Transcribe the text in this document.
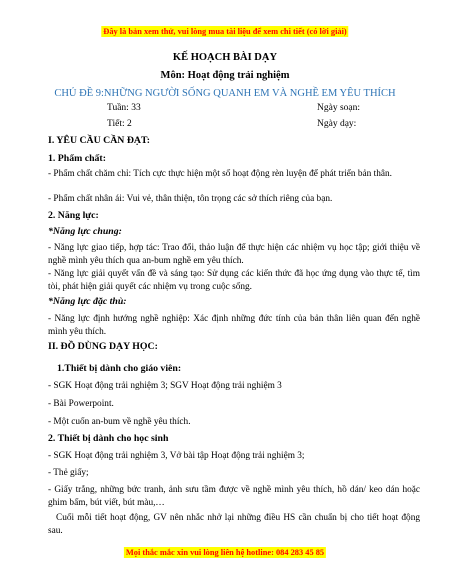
Đây là bản xem thử, vui lòng mua tài liệu để xem chi tiết (có lời giải)
KẾ HOẠCH BÀI DẠY
Môn: Hoạt động trải nghiệm
CHỦ ĐỀ 9:NHỮNG NGƯỜI SỐNG QUANH EM VÀ NGHỀ EM YÊU THÍCH
Tuần: 33	Ngày soạn:
Tiết: 2	Ngày dạy:
I. YÊU CẦU CẦN ĐẠT:
1. Phẩm chất:
- Phẩm chất chăm chỉ: Tích cực thực hiện một số hoạt động rèn luyện để phát triển bản thân.
- Phẩm chất nhân ái: Vui vẻ, thân thiện, tôn trọng các sở thích riêng của bạn.
2. Năng lực:
*Năng lực chung:
- Năng lực giao tiếp, hợp tác: Trao đổi, thảo luận để thực hiện các nhiệm vụ học tập; giới thiệu về nghề mình yêu thích qua an-bum nghề em yêu thích.
- Năng lực giải quyết vấn đề và sáng tạo: Sử dụng các kiến thức đã học ứng dụng vào thực tế, tìm tòi, phát hiện giải quyết các nhiệm vụ trong cuộc sống.
*Năng lực đặc thù:
- Năng lực định hướng nghề nghiệp: Xác định những đức tính của bản thân liên quan đến nghề mình yêu thích.
II. ĐỒ DÙNG DẠY HỌC:
1.Thiết bị dành cho giáo viên:
- SGK Hoạt động trải nghiệm 3; SGV Hoạt động trải nghiệm 3
- Bài Powerpoint.
- Một cuốn an-bum về nghề yêu thích.
2. Thiết bị dành cho học sinh
- SGK Hoạt động trải nghiệm 3, Vở bài tập Hoạt động trải nghiệm 3;
- Thẻ giấy;
- Giấy trắng, những bức tranh, ảnh sưu tầm được về nghề mình yêu thích, hồ dán/ keo dán hoặc ghim bấm, bút viết, bút màu,…
Cuối mỗi tiết hoạt động, GV nên nhắc nhở lại những điều HS cần chuẩn bị cho tiết hoạt động sau.
Mọi thắc mắc xin vui lòng liên hệ hotline: 084 283 45 85
